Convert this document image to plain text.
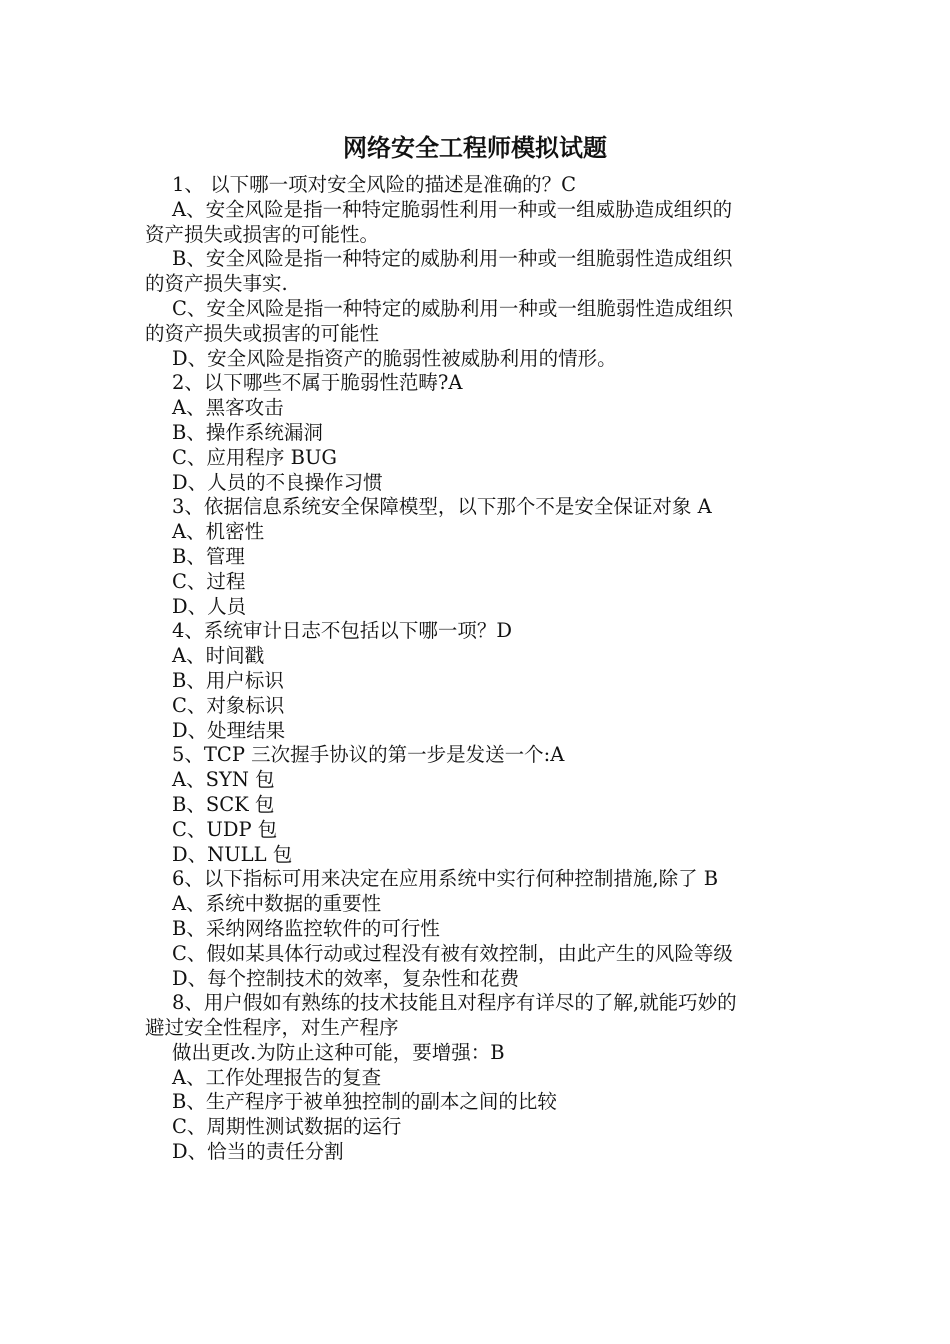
网络安全工程师模拟试题

1、 以下哪一项对安全风险的描述是准确的？C

A、安全风险是指一种特定脆弱性利用一种或一组威胁造成组织的

资产损失或损害的可能性。

B、安全风险是指一种特定的威胁利用一种或一组脆弱性造成组织

的资产损失事实.

C、安全风险是指一种特定的威胁利用一种或一组脆弱性造成组织

的资产损失或损害的可能性

D、安全风险是指资产的脆弱性被威胁利用的情形。

2、以下哪些不属于脆弱性范畴?A

A、黑客攻击

B、操作系统漏洞

C、应用程序 BUG

D、人员的不良操作习惯

3、依据信息系统安全保障模型，以下那个不是安全保证对象 A

A、机密性

B、管理

C、过程

D、人员

4、系统审计日志不包括以下哪一项？D

A、时间戳

B、用户标识

C、对象标识

D、处理结果

5、TCP 三次握手协议的第一步是发送一个:A

A、SYN 包

B、SCK 包

C、UDP 包

D、NULL 包

6、以下指标可用来决定在应用系统中实行何种控制措施,除了 B

A、系统中数据的重要性

B、采纳网络监控软件的可行性

C、假如某具体行动或过程没有被有效控制，由此产生的风险等级

D、每个控制技术的效率，复杂性和花费

8、用户假如有熟练的技术技能且对程序有详尽的了解,就能巧妙的

避过安全性程序，对生产程序

做出更改.为防止这种可能，要增强：B

A、工作处理报告的复查

B、生产程序于被单独控制的副本之间的比较

C、周期性测试数据的运行

D、恰当的责任分割
